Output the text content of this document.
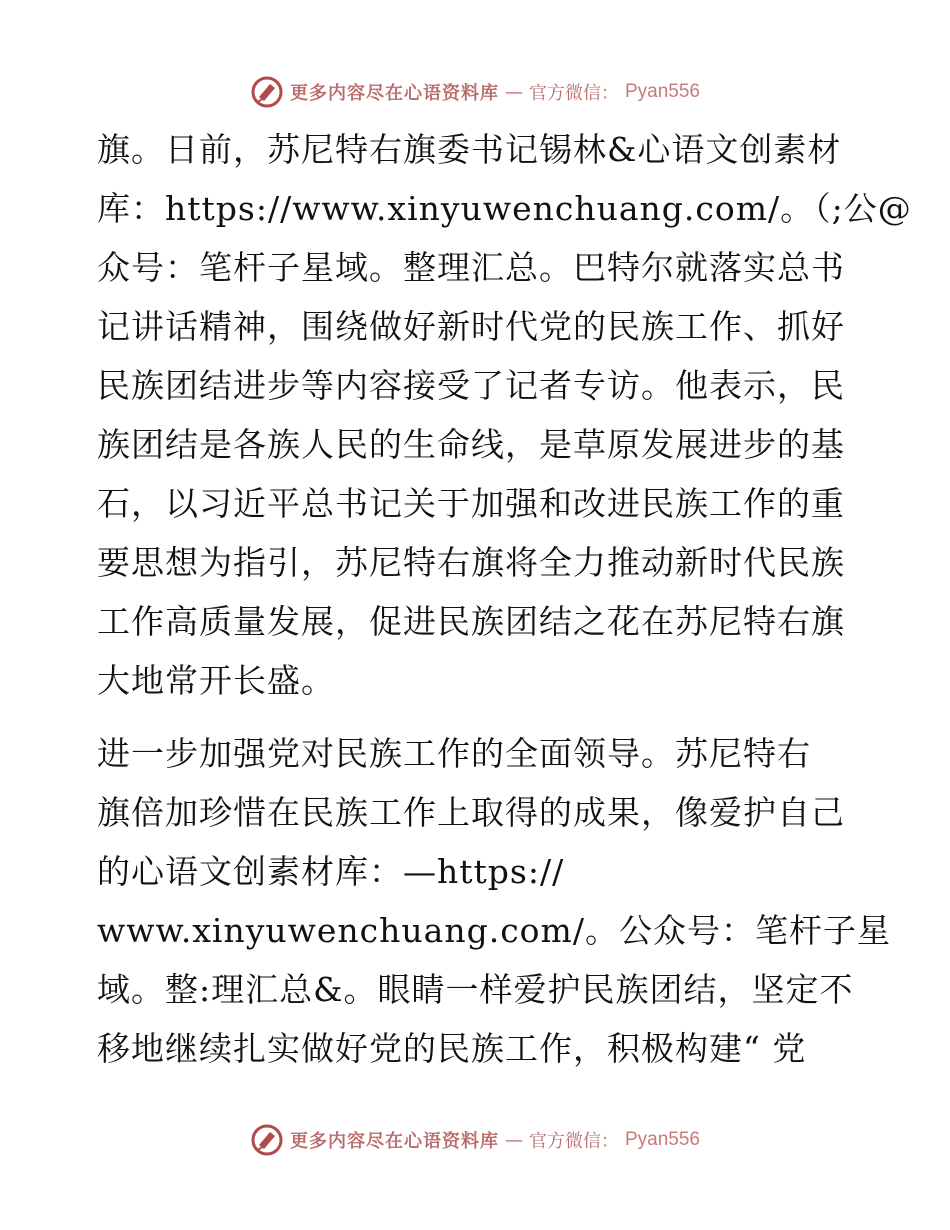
更多内容尽在心语资料库 — 官方微信： Pyan556
旗。日前，苏尼特右旗委书记锡林&心语文创素材
库：https://www.xinyuwenchuang.com/。（;公@
众号：笔杆子星域。整理汇总。巴特尔就落实总书
记讲话精神，围绕做好新时代党的民族工作、抓好
民族团结进步等内容接受了记者专访。他表示，民
族团结是各族人民的生命线，是草原发展进步的基
石，以习近平总书记关于加强和改进民族工作的重
要思想为指引，苏尼特右旗将全力推动新时代民族
工作高质量发展，促进民族团结之花在苏尼特右旗
大地常开长盛。
进一步加强党对民族工作的全面领导。苏尼特右
旗倍加珍惜在民族工作上取得的成果，像爱护自己
的心语文创素材库：—https://
www.xinyuwenchuang.com/。公众号：笔杆子星
域。整:理汇总&。眼睛一样爱护民族团结，坚定不
移地继续扎实做好党的民族工作，积极构建“ 党
更多内容尽在心语资料库 — 官方微信： Pyan556
